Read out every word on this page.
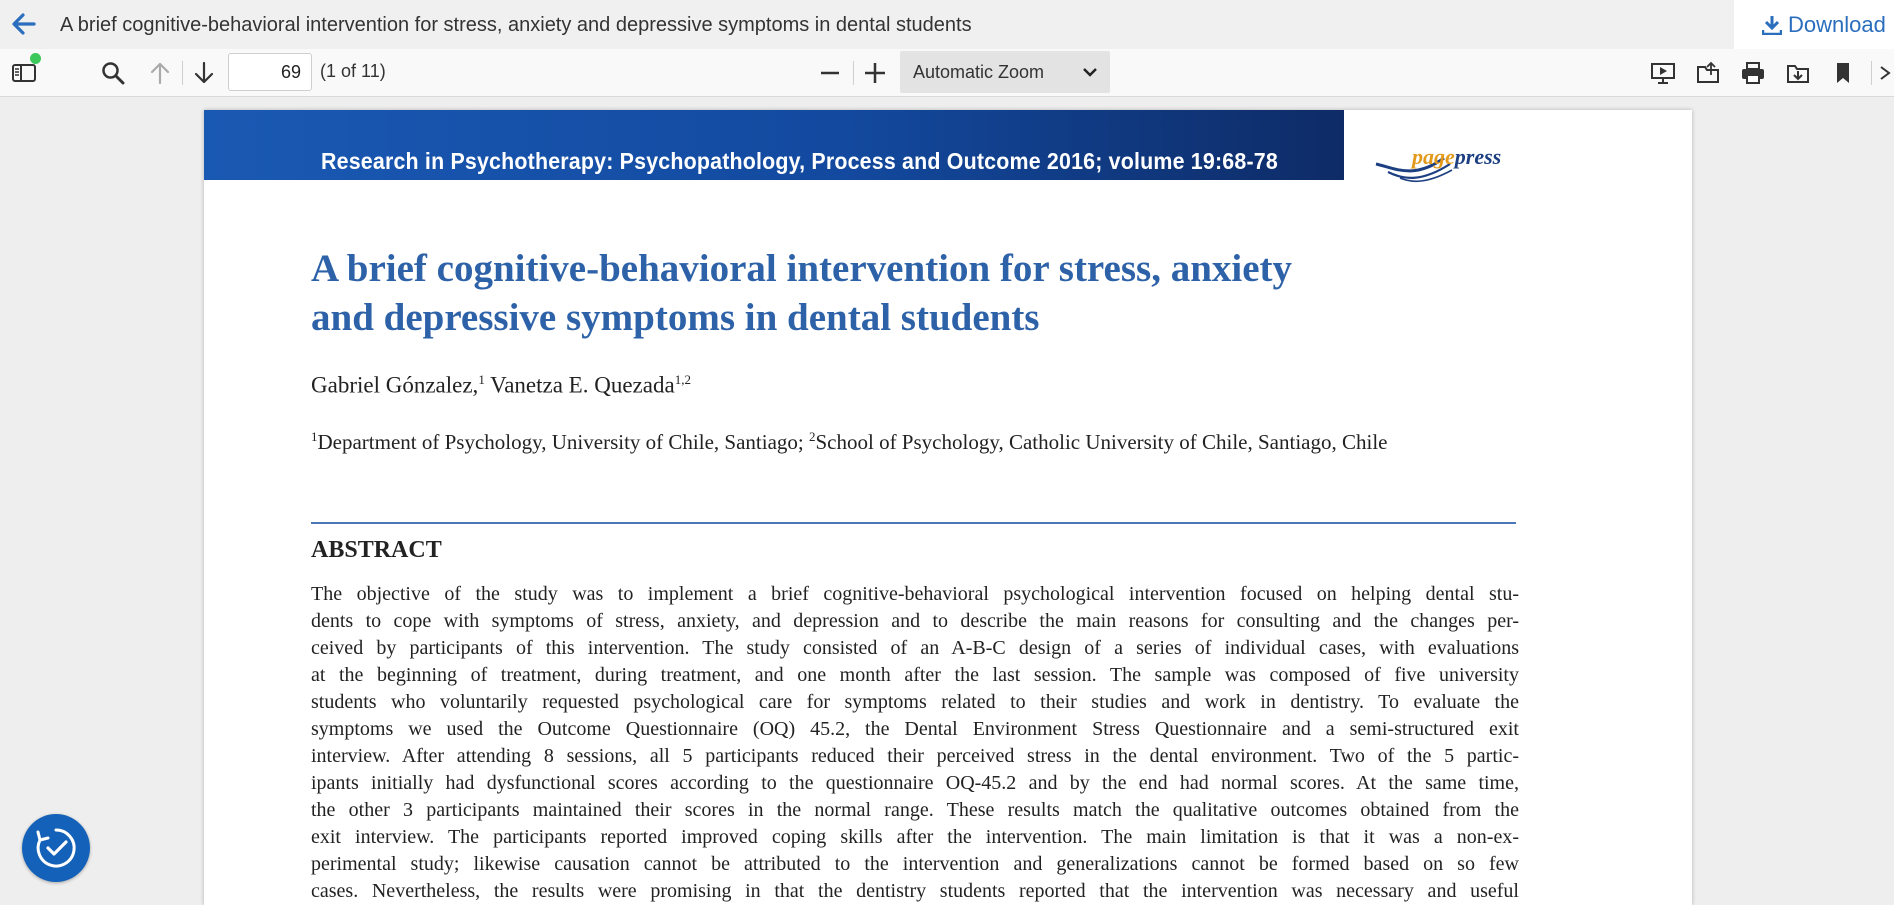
A brief cognitive-behavioral intervention for stress, anxiety and depressive symptoms in dental students	Download
69
(1 of 11)	Automatic Zoom
Research in Psychotherapy: Psychopathology, Process and Outcome 2016; volume 19:68-78	pagepress
A brief cognitive-behavioral intervention for stress, anxiety
and depressive symptoms in dental students
Gabriel Gónzalez,$^1$ Vanetza E. Quezada$^{1,2}$
$^1$Department of Psychology, University of Chile, Santiago; $^2$School of Psychology, Catholic University of Chile, Santiago, Chile
ABSTRACT
The objective of the study was to implement a brief cognitive-behavioral psychological intervention focused on helping dental stu-
dents to cope with symptoms of stress, anxiety, and depression and to describe the main reasons for consulting and the changes per-
ceived by participants of this intervention. The study consisted of an A-B-C design of a series of individual cases, with evaluations
at the beginning of treatment, during treatment, and one month after the last session. The sample was composed of five university
students who voluntarily requested psychological care for symptoms related to their studies and work in dentistry. To evaluate the
symptoms we used the Outcome Questionnaire (OQ) 45.2, the Dental Environment Stress Questionnaire and a semi-structured exit
interview. After attending 8 sessions, all 5 participants reduced their perceived stress in the dental environment. Two of the 5 partic-
ipants initially had dysfunctional scores according to the questionnaire OQ-45.2 and by the end had normal scores. At the same time,
the other 3 participants maintained their scores in the normal range. These results match the qualitative outcomes obtained from the
exit interview. The participants reported improved coping skills after the intervention. The main limitation is that it was a non-ex-
perimental study; likewise causation cannot be attributed to the intervention and generalizations cannot be formed based on so few
cases. Nevertheless, the results were promising in that the dentistry students reported that the intervention was necessary and useful
